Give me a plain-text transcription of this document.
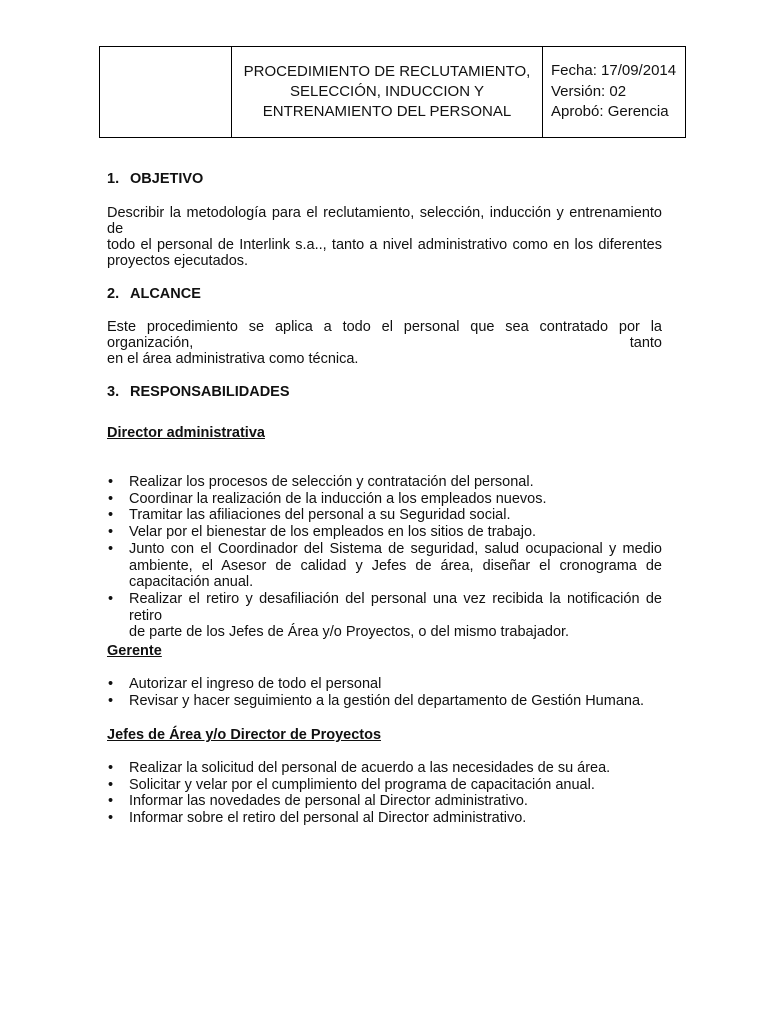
PROCEDIMIENTO DE RECLUTAMIENTO,
SELECCIÓN, INDUCCION Y
ENTRENAMIENTO DEL PERSONAL

Fecha: 17/09/2014
Versión: 02
Aprobó: Gerencia
1. OBJETIVO
Describir la metodología para el reclutamiento, selección, inducción y entrenamiento de
todo el personal de Interlink s.a.., tanto a nivel administrativo como en los diferentes
proyectos ejecutados.
2. ALCANCE
Este procedimiento se aplica a todo el personal que sea contratado por la organización, tanto
en el área administrativa como técnica.
3. RESPONSABILIDADES
Director administrativa
• Realizar los procesos de selección y contratación del personal.
• Coordinar la realización de la inducción a los empleados nuevos.
• Tramitar las afiliaciones del personal a su Seguridad social.
• Velar por el bienestar de los empleados en los sitios de trabajo.
• Junto con el Coordinador del Sistema de seguridad, salud ocupacional y medio
ambiente, el Asesor de calidad y Jefes de área, diseñar el cronograma de
capacitación anual.
• Realizar el retiro y desafiliación del personal una vez recibida la notificación de retiro
de parte de los Jefes de Área y/o Proyectos, o del mismo trabajador.
Gerente
• Autorizar el ingreso de todo el personal
• Revisar y hacer seguimiento a la gestión del departamento de Gestión Humana.
Jefes de Área y/o Director de Proyectos
• Realizar la solicitud del personal de acuerdo a las necesidades de su área.
• Solicitar y velar por el cumplimiento del programa de capacitación anual.
• Informar las novedades de personal al Director administrativo.
• Informar sobre el retiro del personal al Director administrativo.
